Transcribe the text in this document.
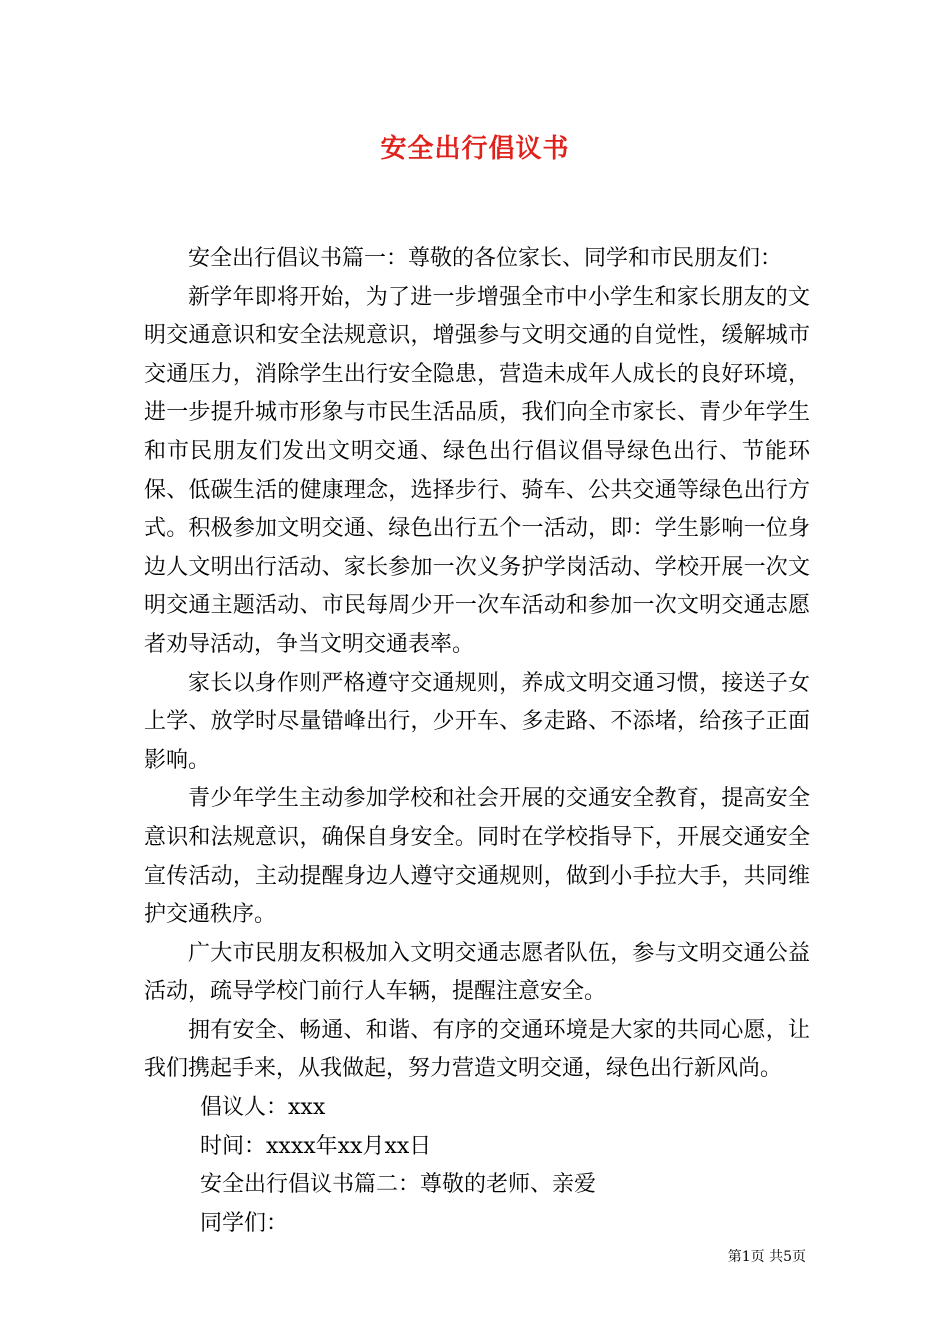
安全出行倡议书

安全出行倡议书篇一：尊敬的各位家长、同学和市民朋友们：

新学年即将开始，为了进一步增强全市中小学生和家长朋友的文明交通意识和安全法规意识，增强参与文明交通的自觉性，缓解城市交通压力，消除学生出行安全隐患，营造未成年人成长的良好环境，进一步提升城市形象与市民生活品质，我们向全市家长、青少年学生和市民朋友们发出文明交通、绿色出行倡议倡导绿色出行、节能环保、低碳生活的健康理念，选择步行、骑车、公共交通等绿色出行方式。积极参加文明交通、绿色出行五个一活动，即：学生影响一位身边人文明出行活动、家长参加一次义务护学岗活动、学校开展一次文明交通主题活动、市民每周少开一次车活动和参加一次文明交通志愿者劝导活动，争当文明交通表率。

家长以身作则严格遵守交通规则，养成文明交通习惯，接送子女上学、放学时尽量错峰出行，少开车、多走路、不添堵，给孩子正面影响。

青少年学生主动参加学校和社会开展的交通安全教育，提高安全意识和法规意识，确保自身安全。同时在学校指导下，开展交通安全宣传活动，主动提醒身边人遵守交通规则，做到小手拉大手，共同维护交通秩序。

广大市民朋友积极加入文明交通志愿者队伍，参与文明交通公益活动，疏导学校门前行人车辆，提醒注意安全。

拥有安全、畅通、和谐、有序的交通环境是大家的共同心愿，让我们携起手来，从我做起，努力营造文明交通，绿色出行新风尚。

倡议人：xxx

时间：xxxx年xx月xx日

安全出行倡议书篇二：尊敬的老师、亲爱

同学们：

第1页 共5页
